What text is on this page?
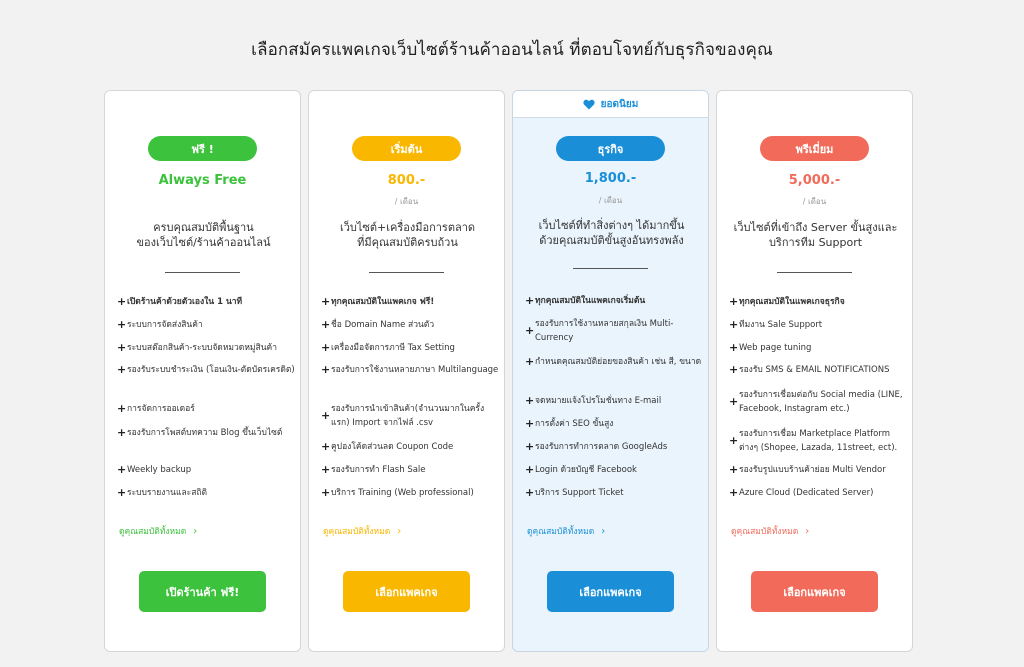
เลือกสมัครแพคเกจเว็บไซต์ร้านค้าออนไลน์ ที่ตอบโจทย์กับธุรกิจของคุณ
ฟรี !
Always Free
ครบคุณสมบัติพื้นฐาน
ของเว็บไซต์/ร้านค้าออนไลน์
+ เปิดร้านค้าด้วยตัวเองใน 1 นาที
+ ระบบการจัดส่งสินค้า
+ ระบบสต๊อกสินค้า-ระบบจัดหมวดหมู่สินค้า
+ รองรับระบบชำระเงิน (โอนเงิน-ตัดบัตรเครดิต)
+ การจัดการออเดอร์
+ รองรับการโพสต์บทความ Blog ขึ้นเว็บไซต์
+ Weekly backup
+ ระบบรายงานและสถิติ
ดูคุณสมบัติทั้งหมด ›
เปิดร้านค้า ฟรี!
เริ่มต้น
800.-
/ เดือน
เว็บไซต์+เครื่องมือการตลาด
ที่มีคุณสมบัติครบถ้วน
+ ทุกคุณสมบัติในแพคเกจ ฟรี!
+ ชื่อ Domain Name ส่วนตัว
+ เครื่องมือจัดการภาษี Tax Setting
+ รองรับการใช้งานหลายภาษา Multilanguage
+ รองรับการนำเข้าสินค้า(จำนวนมากในครั้งแรก) Import จากไฟล์ .csv
+ คูปองโค้ดส่วนลด Coupon Code
+ รองรับการทำ Flash Sale
+ บริการ Training (Web professional)
ดูคุณสมบัติทั้งหมด ›
เลือกแพคเกจ
ยอดนิยม
ธุรกิจ
1,800.-
/ เดือน
เว็บไซต์ที่ทำสิ่งต่างๆ ได้มากขึ้น
ด้วยคุณสมบัติขั้นสูงอันทรงพลัง
+ ทุกคุณสมบัติในแพคเกจเริ่มต้น
+ รองรับการใช้งานหลายสกุลเงิน Multi-Currency
+ กำหนดคุณสมบัติย่อยของสินค้า เช่น สี, ขนาด
+ จดหมายแจ้งโปรโมชั่นทาง E-mail
+ การตั้งค่า SEO ขั้นสูง
+ รองรับการทำการตลาด GoogleAds
+ Login ด้วยบัญชี Facebook
+ บริการ Support Ticket
ดูคุณสมบัติทั้งหมด ›
เลือกแพคเกจ
พรีเมี่ยม
5,000.-
/ เดือน
เว็บไซต์ที่เข้าถึง Server ขั้นสูงและ
บริการทีม Support
+ ทุกคุณสมบัติในแพคเกจธุรกิจ
+ ทีมงาน Sale Support
+ Web page tuning
+ รองรับ SMS & EMAIL NOTIFICATIONS
+ รองรับการเชื่อมต่อกับ Social media (LINE, Facebook, Instagram etc.)
+ รองรับการเชื่อม Marketplace Platform ต่างๆ (Shopee, Lazada, 11street, ect).
+ รองรับรูปแบบร้านค้าย่อย Multi Vendor
+ Azure Cloud (Dedicated Server)
ดูคุณสมบัติทั้งหมด ›
เลือกแพคเกจ
